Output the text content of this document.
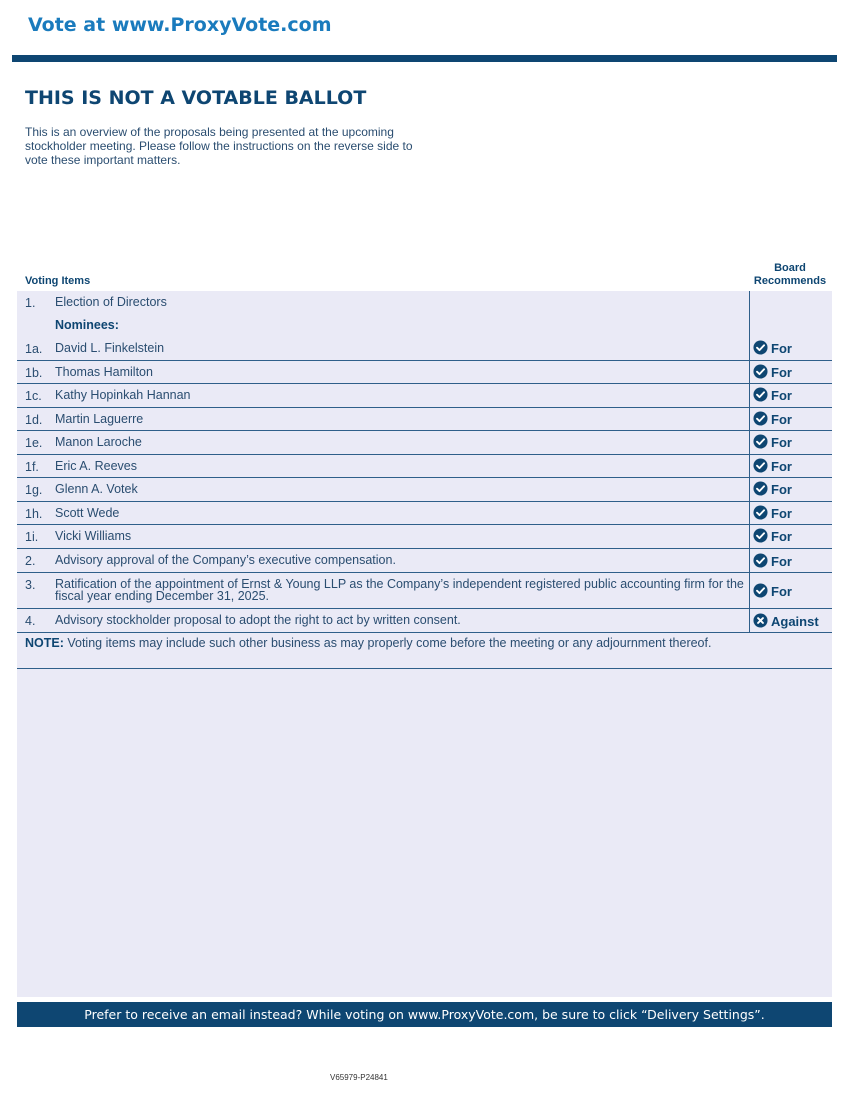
Vote at www.ProxyVote.com
THIS IS NOT A VOTABLE BALLOT
This is an overview of the proposals being presented at the upcoming stockholder meeting. Please follow the instructions on the reverse side to vote these important matters.
Voting Items
Board
Recommends
1. Election of Directors
Nominees:
1a. David L. Finkelstein	For
1b. Thomas Hamilton	For
1c. Kathy Hopinkah Hannan	For
1d. Martin Laguerre	For
1e. Manon Laroche	For
1f. Eric A. Reeves	For
1g. Glenn A. Votek	For
1h. Scott Wede	For
1i. Vicki Williams	For
2. Advisory approval of the Company’s executive compensation.	For
3. Ratification of the appointment of Ernst & Young LLP as the Company’s independent registered public accounting firm for the fiscal year ending December 31, 2025.	For
4. Advisory stockholder proposal to adopt the right to act by written consent.	Against
NOTE: Voting items may include such other business as may properly come before the meeting or any adjournment thereof.
Prefer to receive an email instead? While voting on www.ProxyVote.com, be sure to click “Delivery Settings”.
V65979-P24841
